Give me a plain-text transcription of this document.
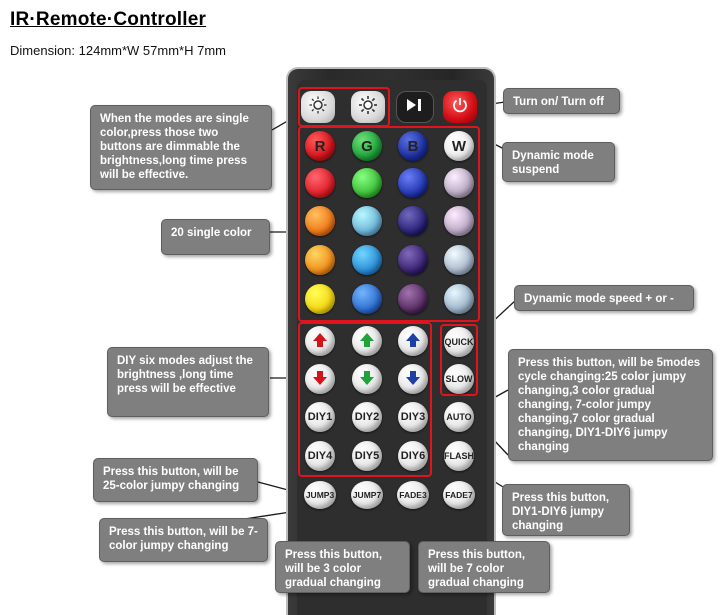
IR·Remote·Controller
Dimension: 124mm*W 57mm*H 7mm
R G B W
DIY1 DIY2 DIY3
DIY4 DIY5 DIY6
QUICK
SLOW
AUTO
FLASH
JUMP3 JUMP7 FADE3 FADE7
When the modes are single color,press those two buttons are dimmable the brightness,long time press will be effective.
Turn on/ Turn off
Dynamic mode suspend
20 single color
Dynamic mode speed + or -
DIY six modes adjust the brightness ,long time press will be effective
Press this button, will be 5modes cycle changing:25 color jumpy changing,3 color gradual changing, 7-color jumpy changing,7 color gradual changing, DIY1-DIY6 jumpy changing
Press this button, will be 25-color jumpy changing
Press this button, DIY1-DIY6 jumpy changing
Press this button, will be 7-color jumpy changing
Press this button, will be 3 color gradual changing
Press this button, will be 7 color gradual changing
